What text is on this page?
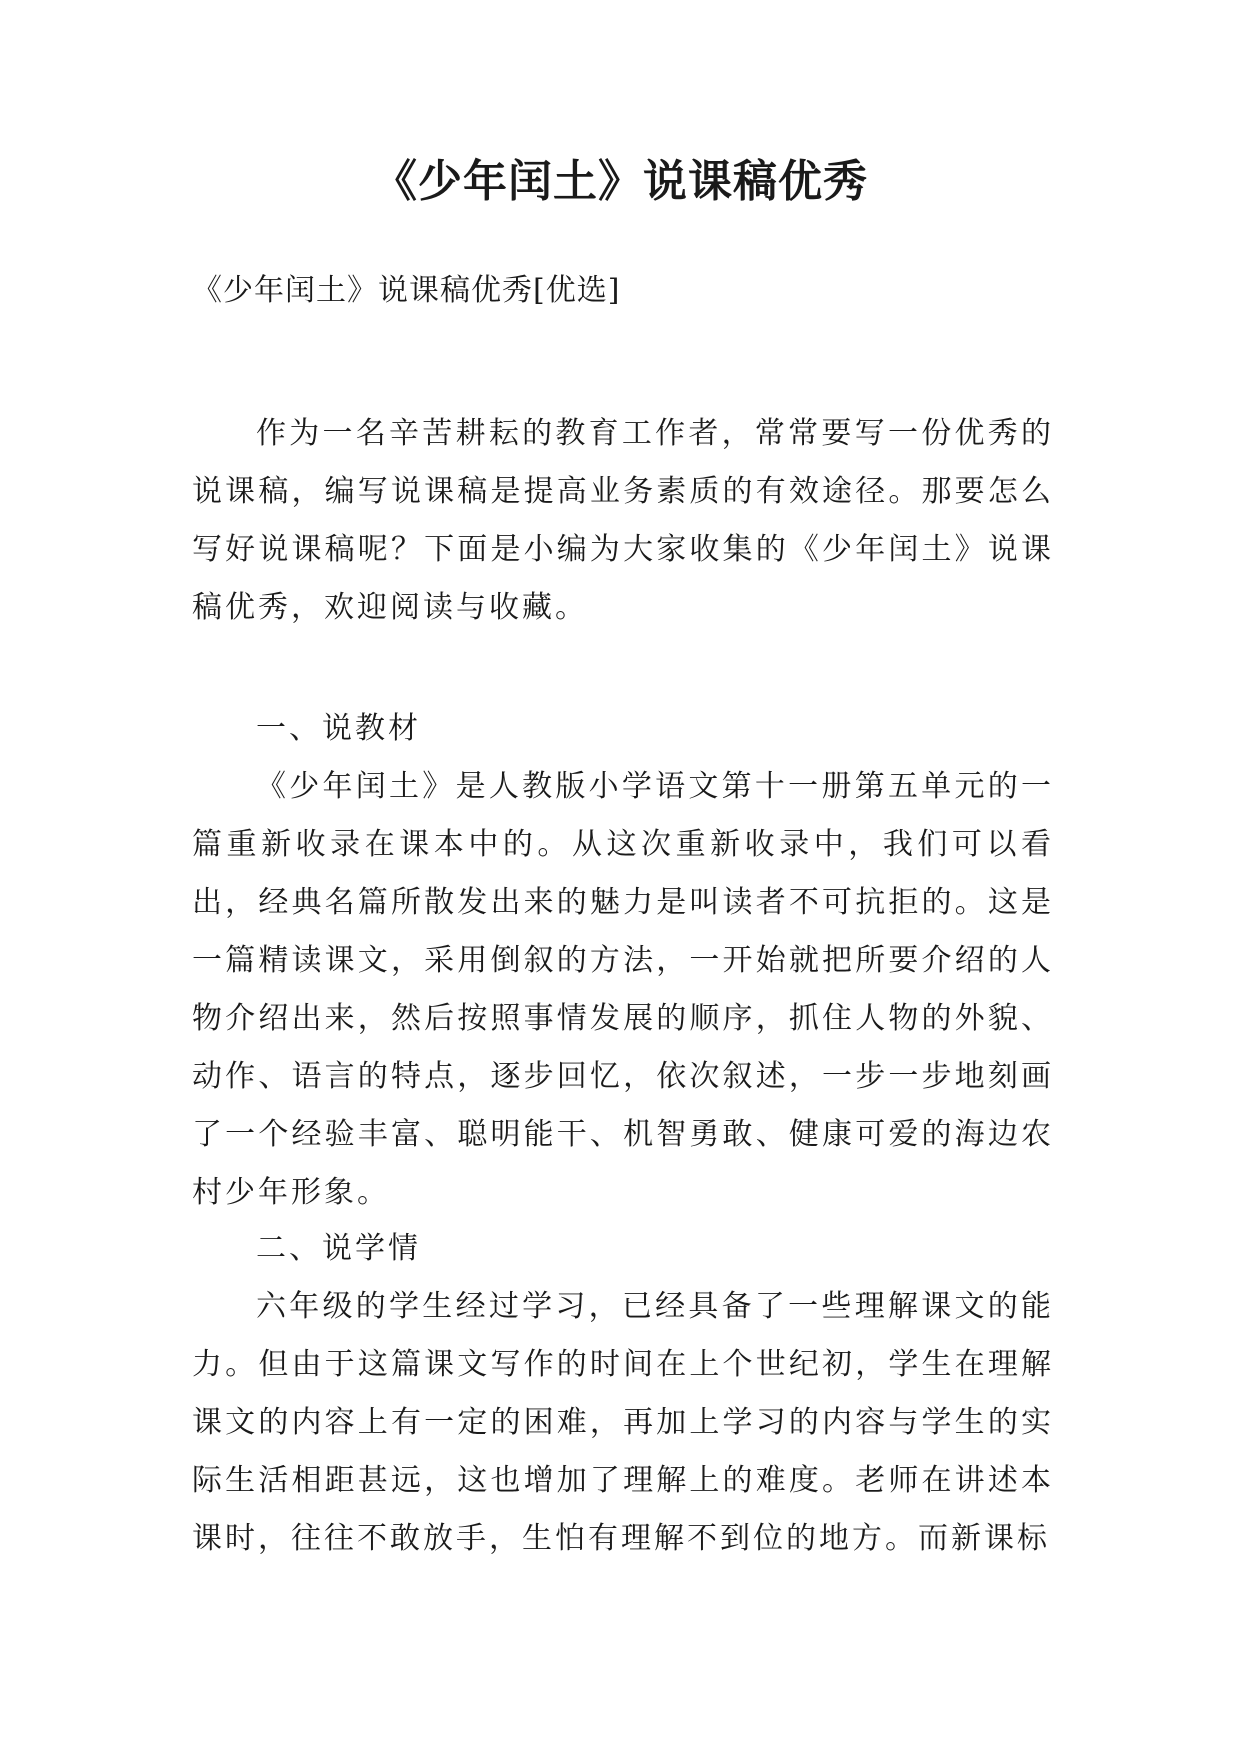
《少年闰土》说课稿优秀

《少年闰土》说课稿优秀[优选]

作为一名辛苦耕耘的教育工作者，常常要写一份优秀的说课稿，编写说课稿是提高业务素质的有效途径。那要怎么写好说课稿呢？下面是小编为大家收集的《少年闰土》说课稿优秀，欢迎阅读与收藏。

一、说教材

《少年闰土》是人教版小学语文第十一册第五单元的一篇重新收录在课本中的。从这次重新收录中，我们可以看出，经典名篇所散发出来的魅力是叫读者不可抗拒的。这是一篇精读课文，采用倒叙的方法，一开始就把所要介绍的人物介绍出来，然后按照事情发展的顺序，抓住人物的外貌、动作、语言的特点，逐步回忆，依次叙述，一步一步地刻画了一个经验丰富、聪明能干、机智勇敢、健康可爱的海边农村少年形象。

二、说学情

六年级的学生经过学习，已经具备了一些理解课文的能力。但由于这篇课文写作的时间在上个世纪初，学生在理解课文的内容上有一定的困难，再加上学习的内容与学生的实际生活相距甚远，这也增加了理解上的难度。老师在讲述本课时，往往不敢放手，生怕有理解不到位的地方。而新课标
